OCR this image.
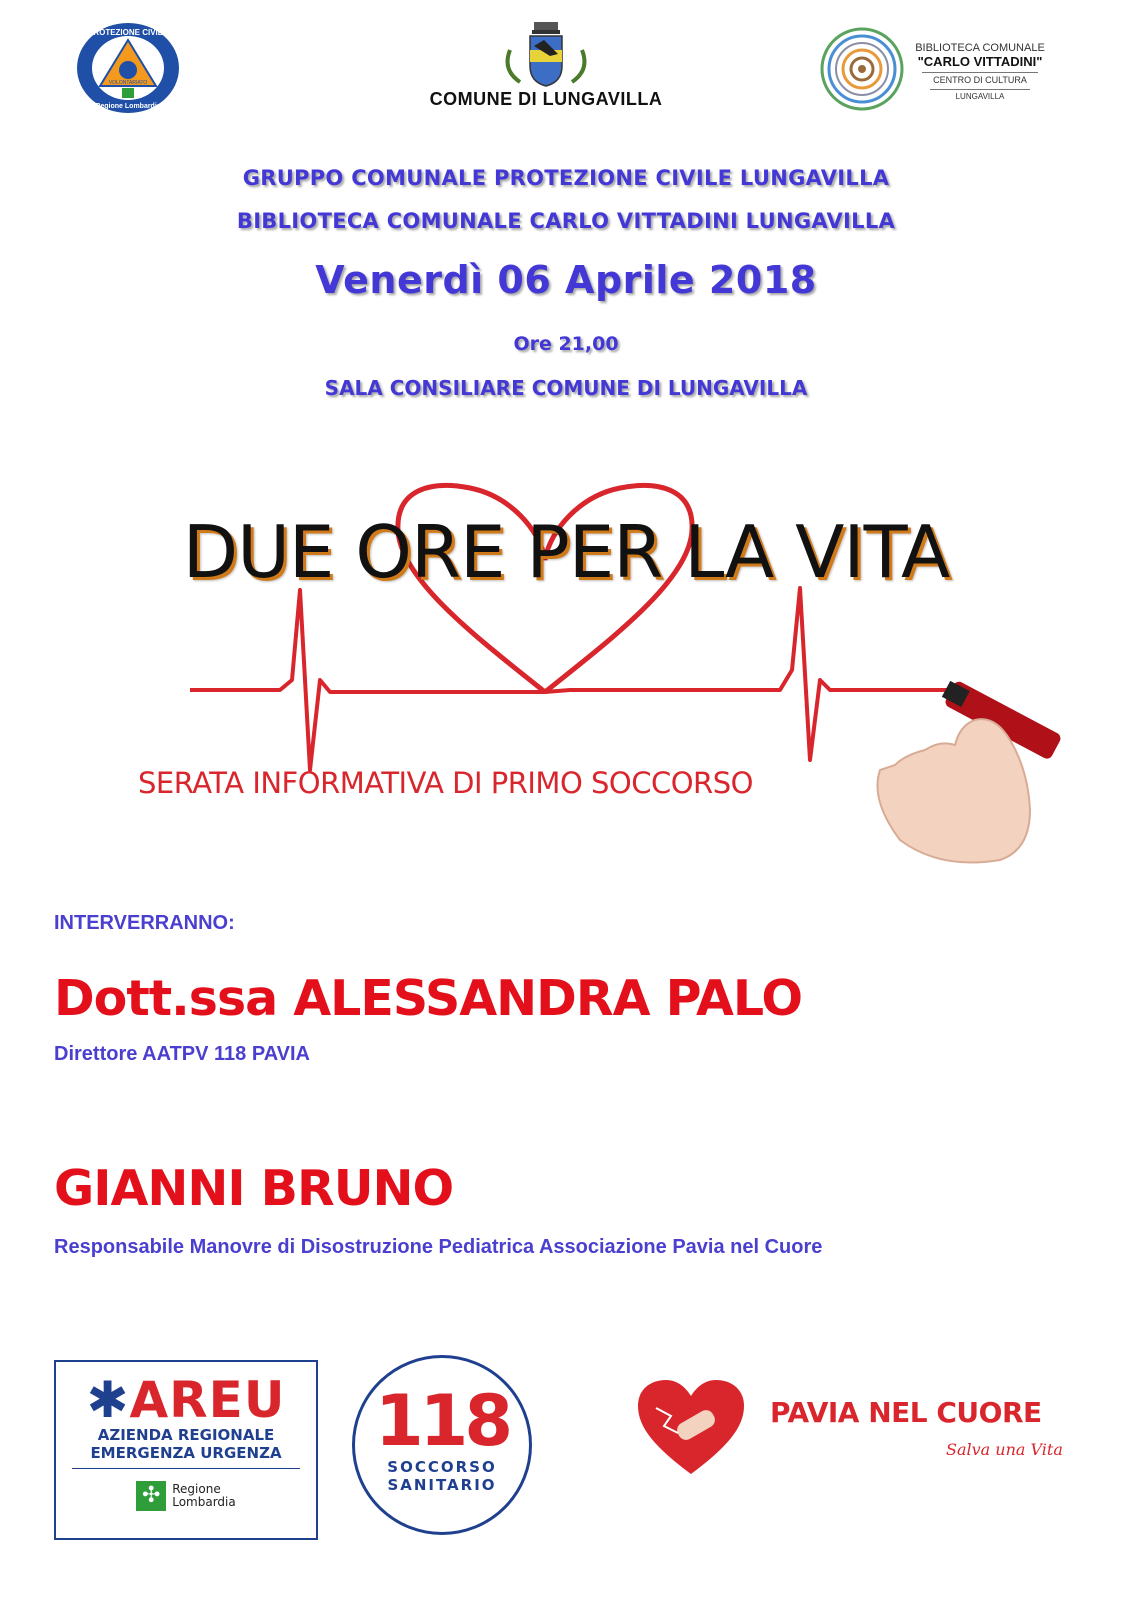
VOLONTARIATO
PROTEZIONE CIVILE
Regione Lombardia	COMUNE DI LUNGAVILLA
BIBLIOTECA COMUNALE
"CARLO VITTADINI"
CENTRO DI CULTURA
LUNGAVILLA
GRUPPO COMUNALE PROTEZIONE CIVILE LUNGAVILLA
BIBLIOTECA COMUNALE CARLO VITTADINI LUNGAVILLA
Venerdì 06 Aprile 2018
Ore 21,00
SALA CONSILIARE COMUNE DI LUNGAVILLA
DUE ORE PER LA VITA
SERATA INFORMATIVA DI PRIMO SOCCORSO
INTERVERRANNO:
Dott.ssa ALESSANDRA PALO
Direttore AATPV 118 PAVIA
GIANNI BRUNO
Responsabile Manovre di Disostruzione Pediatrica Associazione Pavia nel Cuore
✱AREU
AZIENDA REGIONALE
EMERGENZA URGENZA
✣ Regione
Lombardia
118
SOCCORSO
SANITARIO
PAVIA NEL CUORE
Salva una Vita
